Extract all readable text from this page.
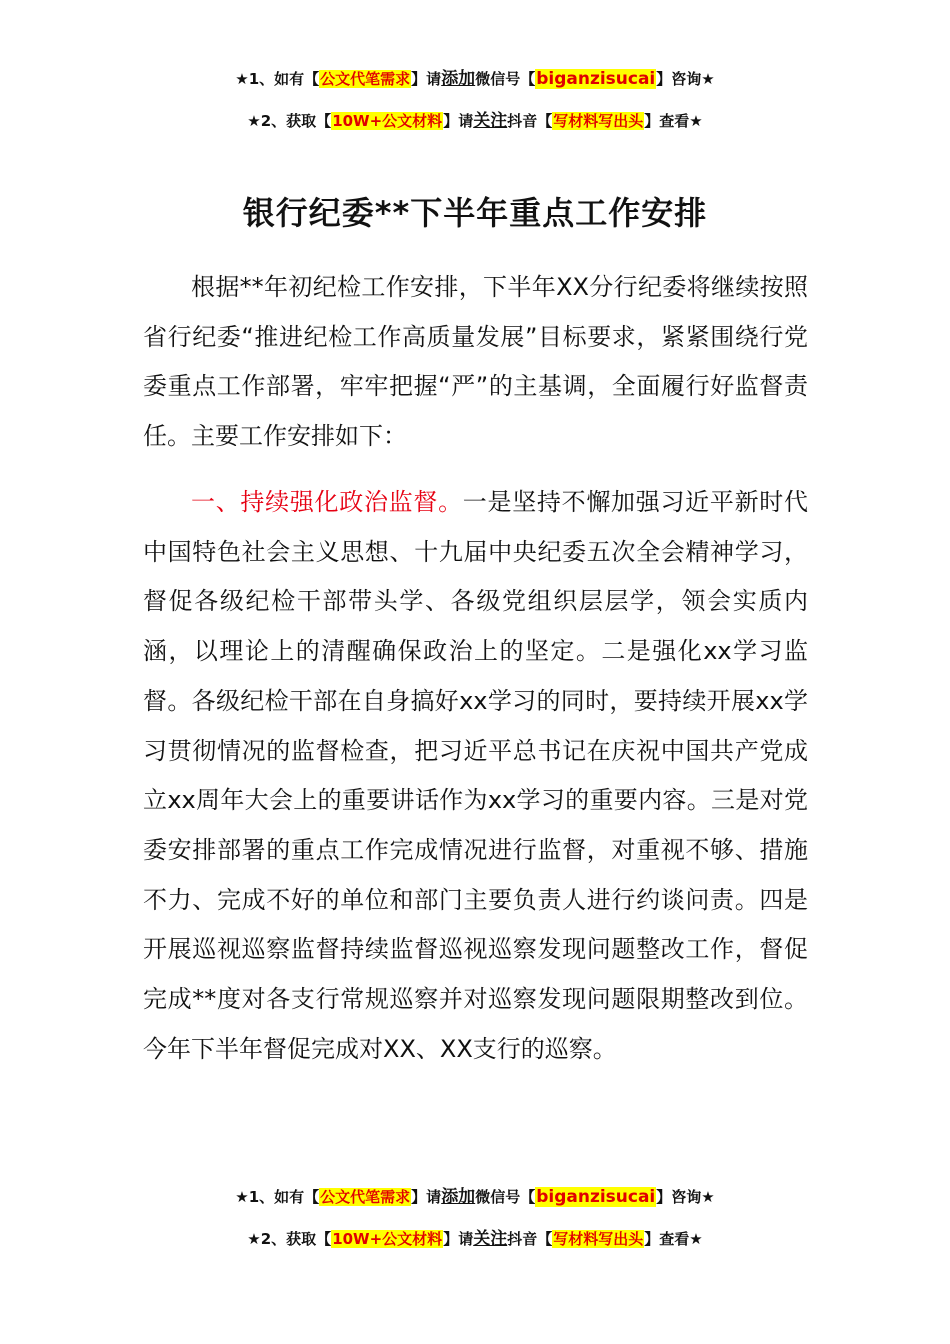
★1、如有【公文代笔需求】请添加微信号【biganzisucai】咨询★
★2、获取【10W+公文材料】请关注抖音【写材料写出头】查看★
银行纪委**下半年重点工作安排
根据**年初纪检工作安排，下半年XX分行纪委将继续按照省行纪委“推进纪检工作高质量发展”目标要求，紧紧围绕行党委重点工作部署，牢牢把握“严”的主基调，全面履行好监督责任。主要工作安排如下：
一、持续强化政治监督。一是坚持不懈加强习近平新时代中国特色社会主义思想、十九届中央纪委五次全会精神学习，督促各级纪检干部带头学、各级党组织层层学，领会实质内涵，以理论上的清醒确保政治上的坚定。二是强化xx学习监督。各级纪检干部在自身搞好xx学习的同时，要持续开展xx学习贯彻情况的监督检查，把习近平总书记在庆祝中国共产党成立xx周年大会上的重要讲话作为xx学习的重要内容。三是对党委安排部署的重点工作完成情况进行监督，对重视不够、措施不力、完成不好的单位和部门主要负责人进行约谈问责。四是开展巡视巡察监督持续监督巡视巡察发现问题整改工作，督促完成**度对各支行常规巡察并对巡察发现问题限期整改到位。今年下半年督促完成对XX、XX支行的巡察。
★1、如有【公文代笔需求】请添加微信号【biganzisucai】咨询★
★2、获取【10W+公文材料】请关注抖音【写材料写出头】查看★
